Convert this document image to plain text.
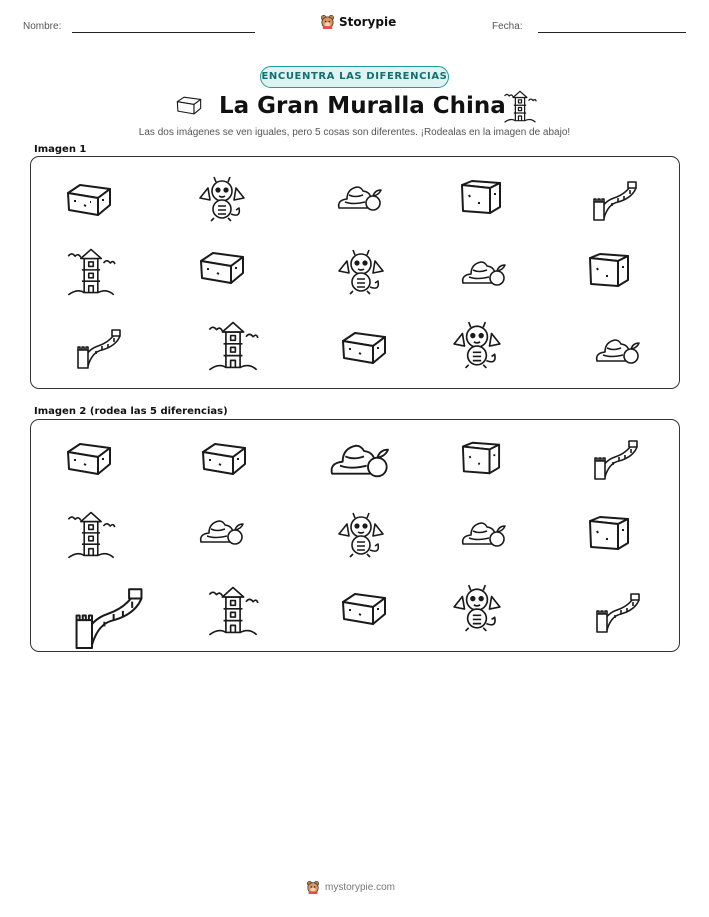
Nombre:	Storypie	Fecha:
ENCUENTRA LAS DIFERENCIAS
La Gran Muralla China
Las dos imágenes se ven iguales, pero 5 cosas son diferentes. ¡Rodealas en la imagen de abajo!
Imagen 1
Imagen 2 (rodea las 5 diferencias)
mystorypie.com
